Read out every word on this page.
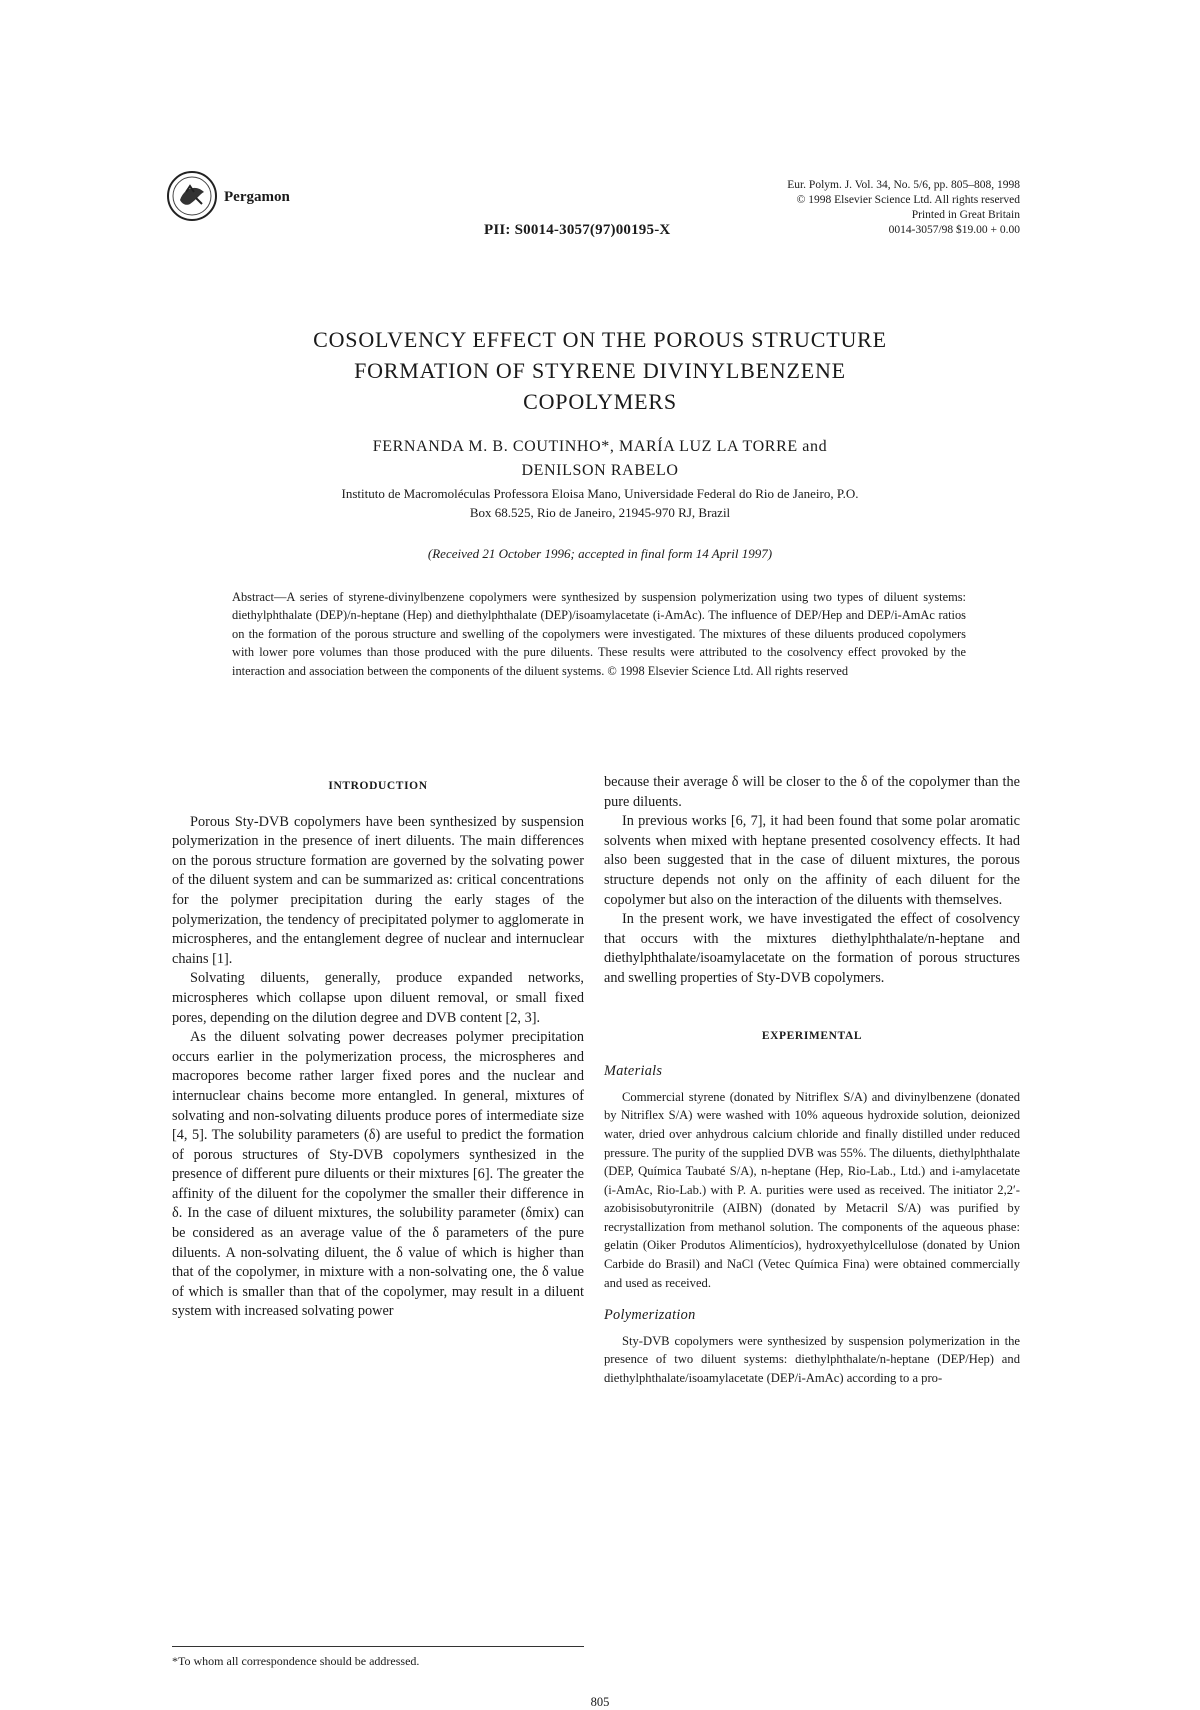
Pergamon
PII: S0014-3057(97)00195-X
Eur. Polym. J. Vol. 34, No. 5/6, pp. 805–808, 1998
© 1998 Elsevier Science Ltd. All rights reserved
Printed in Great Britain
0014-3057/98 $19.00 + 0.00
COSOLVENCY EFFECT ON THE POROUS STRUCTURE
FORMATION OF STYRENE DIVINYLBENZENE
COPOLYMERS
FERNANDA M. B. COUTINHO*, MARÍA LUZ LA TORRE and
DENILSON RABELO
Instituto de Macromoléculas Professora Eloisa Mano, Universidade Federal do Rio de Janeiro, P.O.
Box 68.525, Rio de Janeiro, 21945-970 RJ, Brazil
(Received 21 October 1996; accepted in final form 14 April 1997)
Abstract—A series of styrene-divinylbenzene copolymers were synthesized by suspension polymerization using two types of diluent systems: diethylphthalate (DEP)/n-heptane (Hep) and diethylphthalate (DEP)/isoamylacetate (i-AmAc). The influence of DEP/Hep and DEP/i-AmAc ratios on the formation of the porous structure and swelling of the copolymers were investigated. The mixtures of these diluents produced copolymers with lower pore volumes than those produced with the pure diluents. These results were attributed to the cosolvency effect provoked by the interaction and association between the components of the diluent systems. © 1998 Elsevier Science Ltd. All rights reserved
INTRODUCTION

Porous Sty-DVB copolymers have been synthesized by suspension polymerization in the presence of inert diluents. The main differences on the porous structure formation are governed by the solvating power of the diluent system and can be summarized as: critical concentrations for the polymer precipitation during the early stages of the polymerization, the tendency of precipitated polymer to agglomerate in microspheres, and the entanglement degree of nuclear and internuclear chains [1].

Solvating diluents, generally, produce expanded networks, microspheres which collapse upon diluent removal, or small fixed pores, depending on the dilution degree and DVB content [2, 3].

As the diluent solvating power decreases polymer precipitation occurs earlier in the polymerization process, the microspheres and macropores become rather larger fixed pores and the nuclear and internuclear chains become more entangled. In general, mixtures of solvating and non-solvating diluents produce pores of intermediate size [4, 5]. The solubility parameters (δ) are useful to predict the formation of porous structures of Sty-DVB copolymers synthesized in the presence of different pure diluents or their mixtures [6]. The greater the affinity of the diluent for the copolymer the smaller their difference in δ. In the case of diluent mixtures, the solubility parameter (δmix) can be considered as an average value of the δ parameters of the pure diluents. A non-solvating diluent, the δ value of which is higher than that of the copolymer, in mixture with a non-solvating one, the δ value of which is smaller than that of the copolymer, may result in a diluent system with increased solvating power

*To whom all correspondence should be addressed.

because their average δ will be closer to the δ of the copolymer than the pure diluents.

In previous works [6, 7], it had been found that some polar aromatic solvents when mixed with heptane presented cosolvency effects. It had also been suggested that in the case of diluent mixtures, the porous structure depends not only on the affinity of each diluent for the copolymer but also on the interaction of the diluents with themselves.

In the present work, we have investigated the effect of cosolvency that occurs with the mixtures diethylphthalate/n-heptane and diethylphthalate/isoamylacetate on the formation of porous structures and swelling properties of Sty-DVB copolymers.

EXPERIMENTAL
Materials

Commercial styrene (donated by Nitriflex S/A) and divinylbenzene (donated by Nitriflex S/A) were washed with 10% aqueous hydroxide solution, deionized water, dried over anhydrous calcium chloride and finally distilled under reduced pressure. The purity of the supplied DVB was 55%. The diluents, diethylphthalate (DEP, Química Taubaté S/A), n-heptane (Hep, Rio-Lab., Ltd.) and i-amylacetate (i-AmAc, Rio-Lab.) with P. A. purities were used as received. The initiator 2,2′-azobisisobutyronitrile (AIBN) (donated by Metacril S/A) was purified by recrystallization from methanol solution. The components of the aqueous phase: gelatin (Oiker Produtos Alimentícios), hydroxyethylcellulose (donated by Union Carbide do Brasil) and NaCl (Vetec Química Fina) were obtained commercially and used as received.

Polymerization

Sty-DVB copolymers were synthesized by suspension polymerization in the presence of two diluent systems: diethylphthalate/n-heptane (DEP/Hep) and diethylphthalate/isoamylacetate (DEP/i-AmAc) according to a pro-

805
